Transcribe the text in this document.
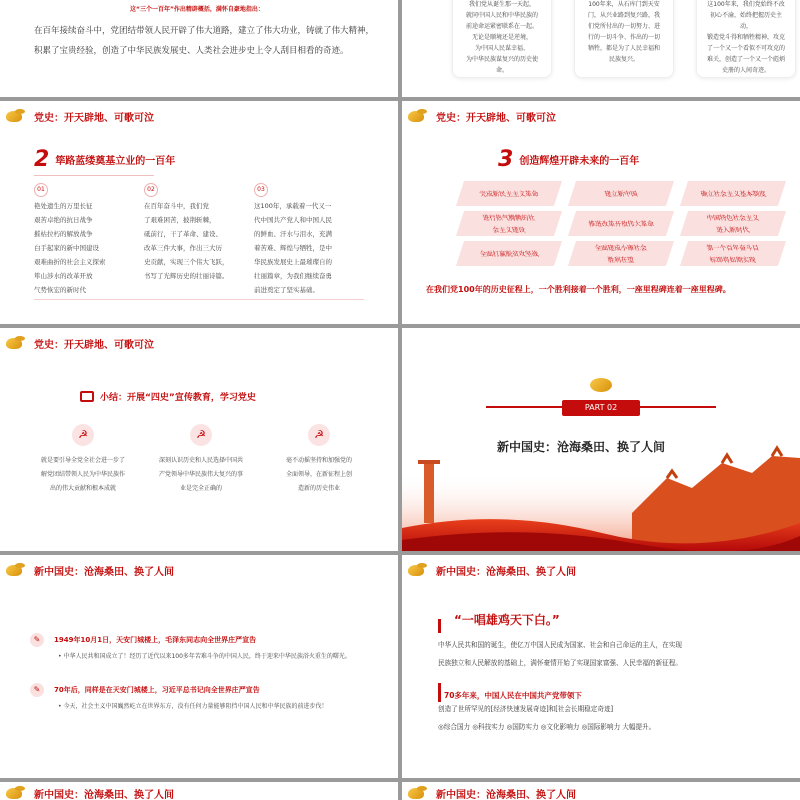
这“三个一百年”作出精辟概括，满怀自豪地指出：
在百年接续奋斗中，党团结带领人民开辟了伟大道路，建立了伟大功业，铸就了伟大精神，
积累了宝贵经验，创造了中华民族发展史、人类社会进步史上令人刮目相看的奇迹。
我们党从诞生那一天起，
就同中国人民和中华民族的
前途命运紧密联系在一起。
无论是顺境还是逆境，
为中国人民谋幸福、
为中华民族谋复兴的历史使命。
100年来，从石库门到天安
门，从兴业路到复兴路，我
们党所付出的一切努力、进
行的一切斗争、作出的一切
牺牲，都是为了人民幸福和
民族复兴。
这100年来，我们党始终不改
初心不渝，始终把握历史主动，
锻造党斗得和牺牲精神，攻克
了一个又一个看似不可攻克的
难关，创造了一个又一个彪炳
史册的人间奇迹。
党史：开天辟地、可歌可泣
2 筚路蓝缕奠基立业的一百年
01
艳处遗生的万里长征
艰苦卓绝的抗日战争
摧枯拉朽的解放战争
白手起家的新中国建设
艰难曲折的社会主义探索
筚山涉水的改革开放
气势恢宏的新时代
02
在百年奋斗中，我们党
了艰难困苦，披荆斩棘，
砥前行，干了革命、建设、
改革三件大事，作出三大历
史贡献，实现三个伟大飞跃，
书写了光辉历史的壮丽诗篇。
03
这100年，承载着一代又一
代中国共产党人和中国人民
的鲜血、汗水与泪水，充满
着苦难、辉煌与牺牲，是中
华民族发展史上最璀璨自的
壮丽篇章，为我们继续奋勇
前进奠定了坚实基础。
党史：开天辟地、可歌可泣
3 创造辉煌开辟未来的一百年
完成新民主主义革命	建立新中国	确立社会主义基本制度
进行热气腾腾的社
会主义建设
推进改革开放伟大革命
中国特色社会主义
进入新时代
全面打赢脱贫攻坚战
全面建成小康社会
胜利在望
第一个百年奋斗目
标即将如期实现
在我们党100年的历史征程上，一个胜利接着一个胜利，一座里程碑连着一座里程碑。
党史：开天辟地、可歌可泣
小结：开展“四史”宣传教育，学习党史
☭
就是要引导全党全社会进一步了
解党团结带领人民为中华民族作
出的伟大贡献和根本成就
☭
深刻认识历史和人民选择中国共
产党领导中华民族伟大复兴的事
业是完全正确的
☭
毫不动摇坚持和加强党的
全面领导，在新征程上创
造新的历史伟业
PART 02
新中国史：沧海桑田、换了人间
新中国史：沧海桑田、换了人间
✎	1949年10月1日，天安门城楼上，毛泽东同志向全世界庄严宣告
• 中华人民共和国成立了！经历了近代以来100多年苦难斗争的中国人民，终于迎来中华民族浴火重生的曙光。
✎	70年后，同样是在天安门城楼上，习近平总书记向全世界庄严宣告
• 今天，社会主义中国巍然屹立在世界东方，没有任何力量能够阻挡中国人民和中华民族的前进步伐！
新中国史：沧海桑田、换了人间
“一唱雄鸡天下白。”
中华人民共和国的诞生，使亿万中国人民成为国家、社会和自己命运的主人，在实现
民族独立和人民解放的基础上，满怀豪情开始了实现国家富强、人民幸福的新征程。
70多年来，中国人民在中国共产党带领下
创造了世所罕见的[经济快速发展奇迹]和[社会长期稳定奇迹]
◎综合国力 ◎科技实力 ◎国防实力 ◎文化影响力 ◎国际影响力 大幅提升。
新中国史：沧海桑田、换了人间	新中国史：沧海桑田、换了人间
